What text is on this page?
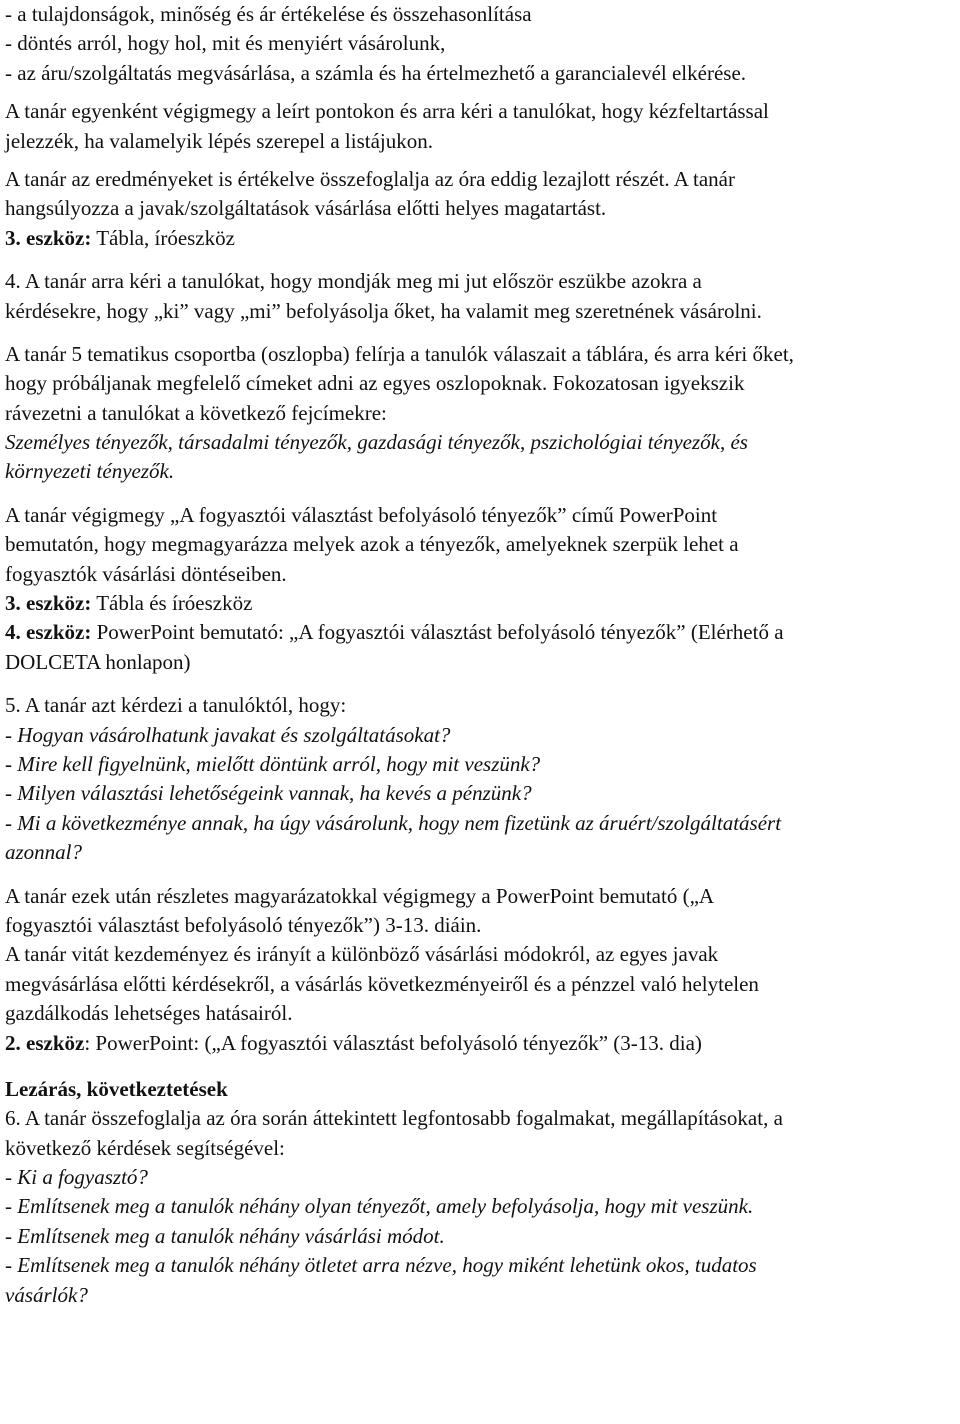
- a tulajdonságok, minőség és ár értékelése és összehasonlítása
- döntés arról, hogy hol, mit és menyiért vásárolunk,
- az áru/szolgáltatás megvásárlása, a számla és ha értelmezhető a garancialevél elkérése.
A tanár egyenként végigmegy a leírt pontokon és arra kéri a tanulókat, hogy kézfeltartással
jelezzék, ha valamelyik lépés szerepel a listájukon.
A tanár az eredményeket is értékelve összefoglalja az óra eddig lezajlott részét. A tanár
hangsúlyozza a javak/szolgáltatások vásárlása előtti helyes magatartást.
3. eszköz: Tábla, íróeszköz
4. A tanár arra kéri a tanulókat, hogy mondják meg mi jut először eszükbe azokra a
kérdésekre, hogy „ki” vagy „mi” befolyásolja őket, ha valamit meg szeretnének vásárolni.
A tanár 5 tematikus csoportba (oszlopba) felírja a tanulók válaszait a táblára, és arra kéri őket,
hogy próbáljanak megfelelő címeket adni az egyes oszlopoknak. Fokozatosan igyekszik
rávezetni a tanulókat a következő fejcímekre:
Személyes tényezők, társadalmi tényezők, gazdasági tényezők, pszichológiai tényezők, és
környezeti tényezők.
A tanár végigmegy „A fogyasztói választást befolyásoló tényezők” című PowerPoint
bemutatón, hogy megmagyarázza melyek azok a tényezők, amelyeknek szerpük lehet a
fogyasztók vásárlási döntéseiben.
3. eszköz: Tábla és íróeszköz
4. eszköz: PowerPoint bemutató: „A fogyasztói választást befolyásoló tényezők” (Elérhető a
DOLCETA honlapon)
5. A tanár azt kérdezi a tanulóktól, hogy:
- Hogyan vásárolhatunk javakat és szolgáltatásokat?
- Mire kell figyelnünk, mielőtt döntünk arról, hogy mit veszünk?
- Milyen választási lehetőségeink vannak, ha kevés a pénzünk?
- Mi a következménye annak, ha úgy vásárolunk, hogy nem fizetünk az áruért/szolgáltatásért
azonnal?
A tanár ezek után részletes magyarázatokkal végigmegy a PowerPoint bemutató („A
fogyasztói választást befolyásoló tényezők”) 3-13. diáin.
A tanár vitát kezdeményez és irányít a különböző vásárlási módokról, az egyes javak
megvásárlása előtti kérdésekről, a vásárlás következményeiről és a pénzzel való helytelen
gazdálkodás lehetséges hatásairól.
2. eszköz: PowerPoint: („A fogyasztói választást befolyásoló tényezők” (3-13. dia)
Lezárás, következtetések
6. A tanár összefoglalja az óra során áttekintett legfontosabb fogalmakat, megállapításokat, a
következő kérdések segítségével:
- Ki a fogyasztó?
- Említsenek meg a tanulók néhány olyan tényezőt, amely befolyásolja, hogy mit veszünk.
- Említsenek meg a tanulók néhány vásárlási módot.
- Említsenek meg a tanulók néhány ötletet arra nézve, hogy miként lehetünk okos, tudatos
vásárlók?
